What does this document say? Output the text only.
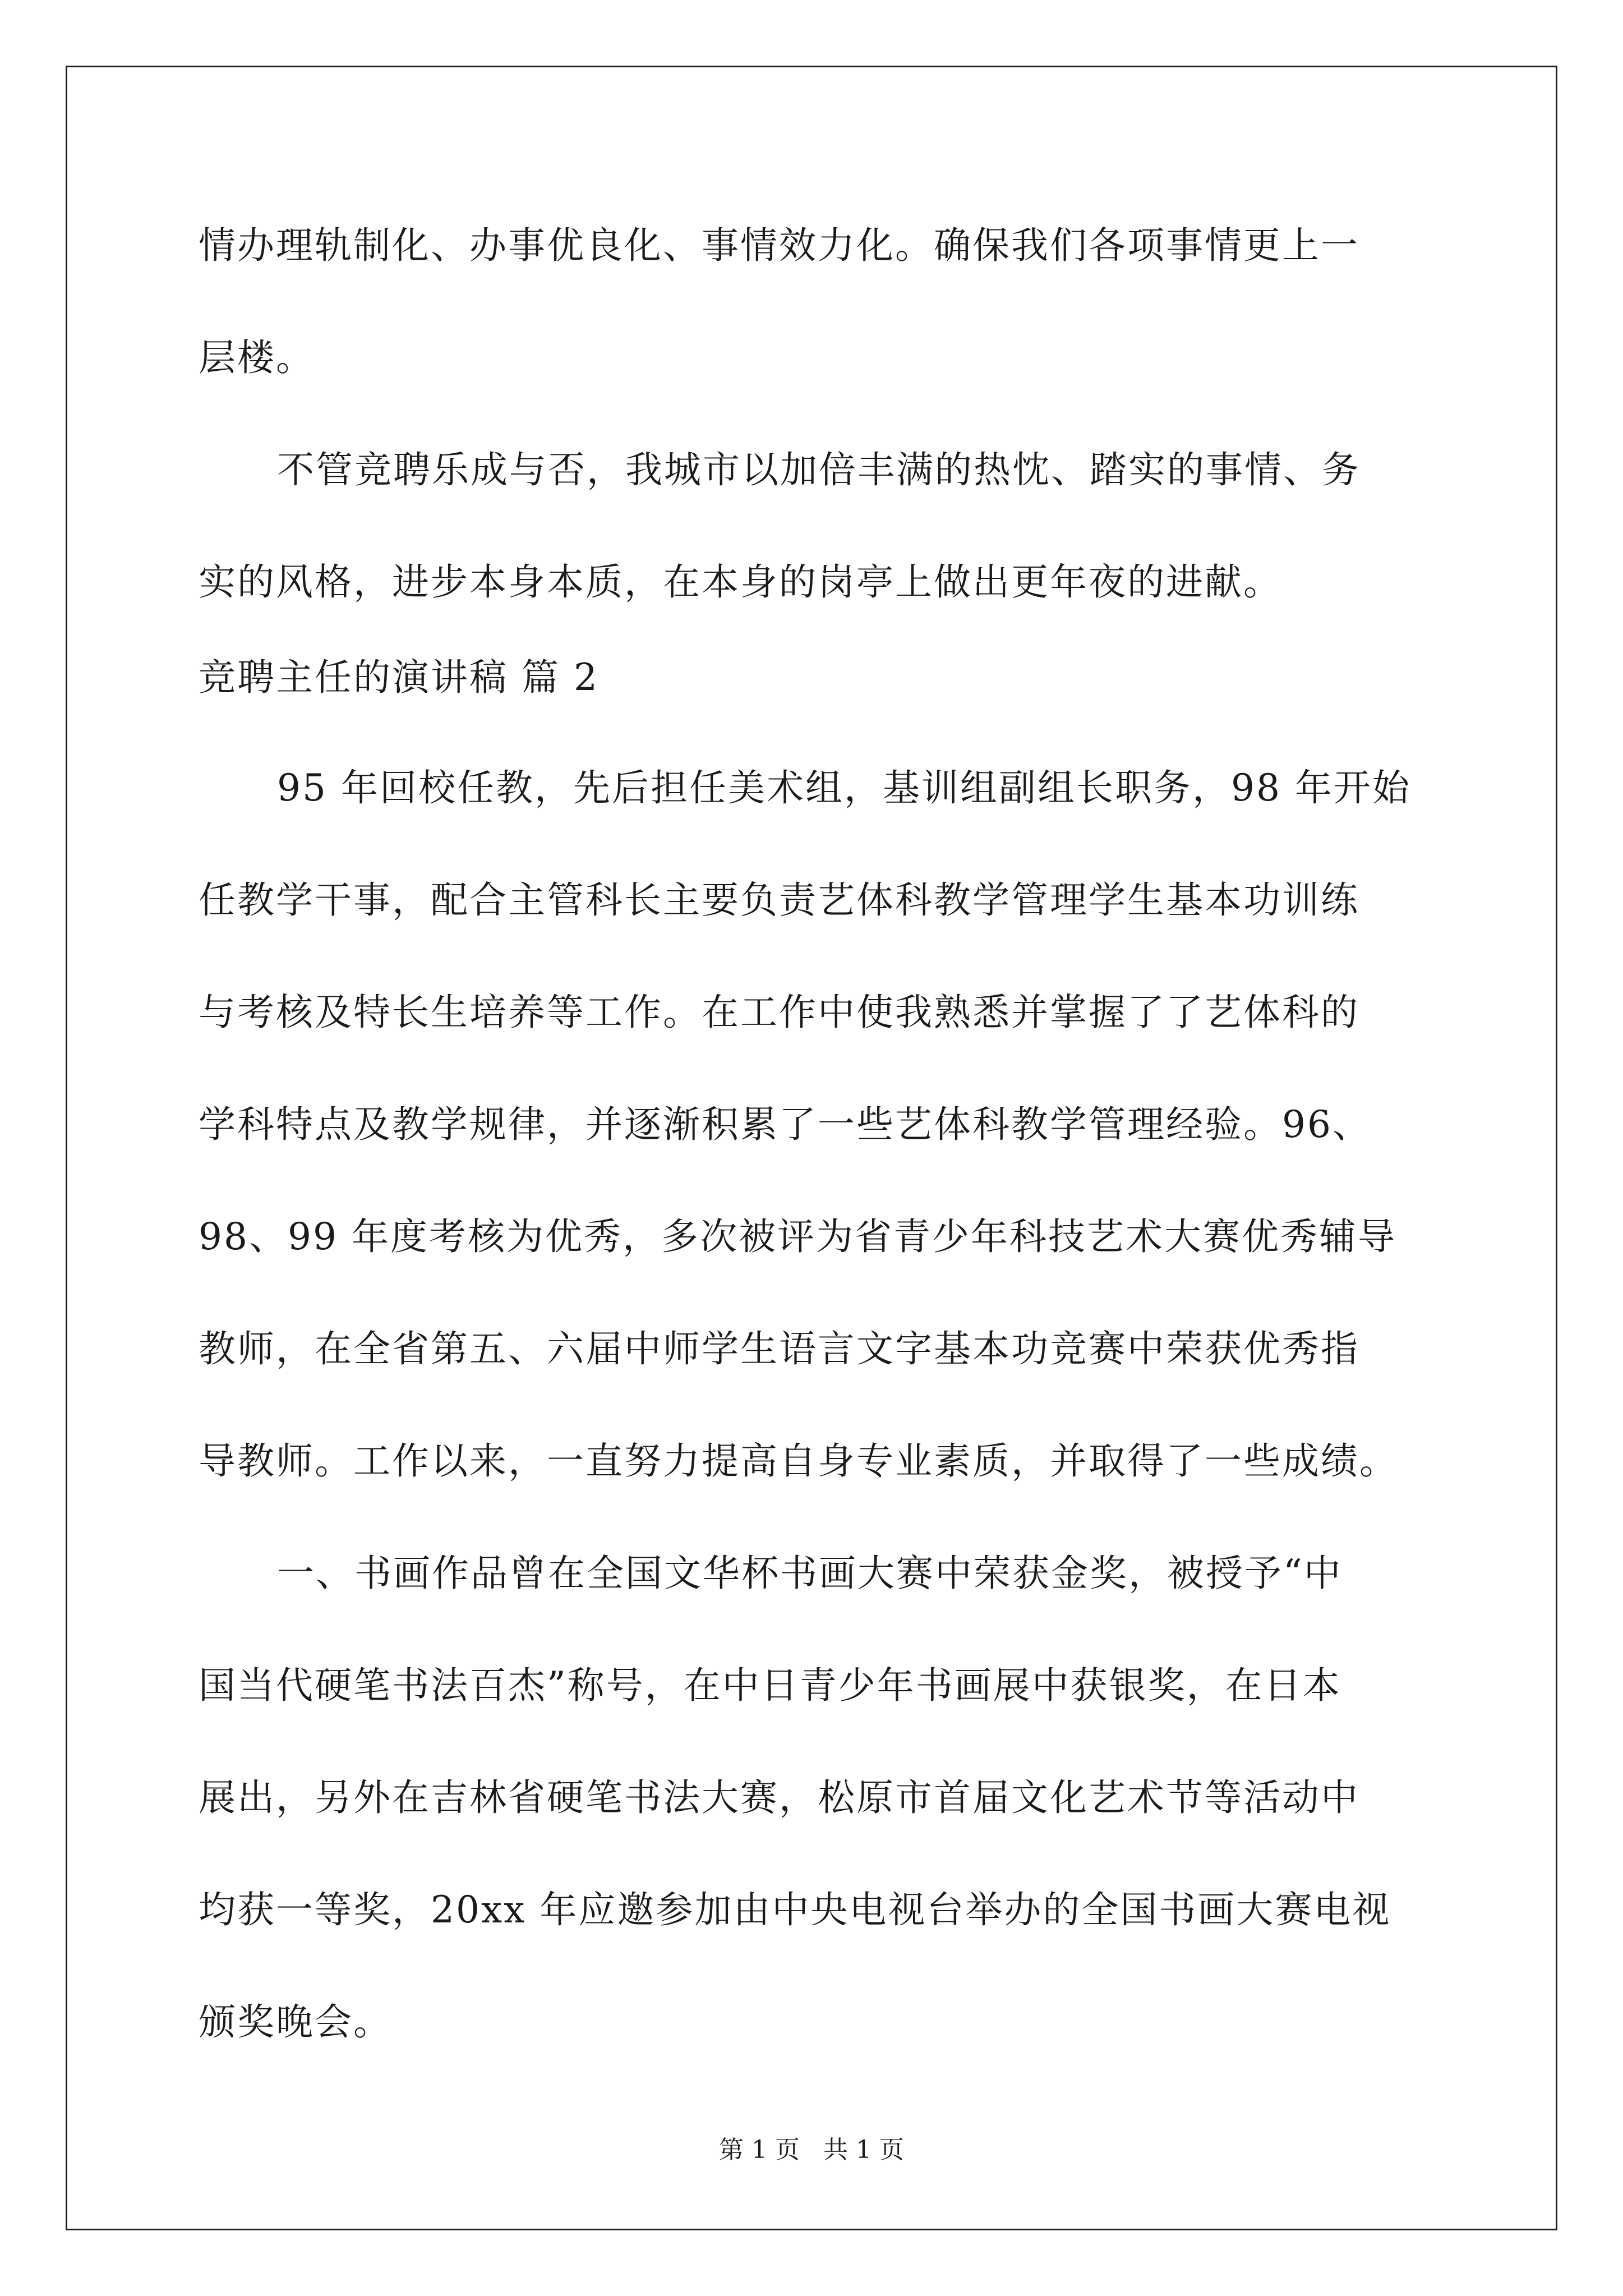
情办理轨制化、办事优良化、事情效力化。确保我们各项事情更上一
层楼。
不管竞聘乐成与否，我城市以加倍丰满的热忱、踏实的事情、务
实的风格，进步本身本质，在本身的岗亭上做出更年夜的进献。
竞聘主任的演讲稿 篇 2
95 年回校任教，先后担任美术组，基训组副组长职务，98 年开始
任教学干事，配合主管科长主要负责艺体科教学管理学生基本功训练
与考核及特长生培养等工作。在工作中使我熟悉并掌握了了艺体科的
学科特点及教学规律，并逐渐积累了一些艺体科教学管理经验。96、
98、99 年度考核为优秀，多次被评为省青少年科技艺术大赛优秀辅导
教师，在全省第五、六届中师学生语言文字基本功竞赛中荣获优秀指
导教师。工作以来，一直努力提高自身专业素质，并取得了一些成绩。
一、书画作品曾在全国文华杯书画大赛中荣获金奖，被授予“中
国当代硬笔书法百杰”称号，在中日青少年书画展中获银奖，在日本
展出，另外在吉林省硬笔书法大赛，松原市首届文化艺术节等活动中
均获一等奖，20xx 年应邀参加由中央电视台举办的全国书画大赛电视
颁奖晚会。
第 1 页   共 1 页
